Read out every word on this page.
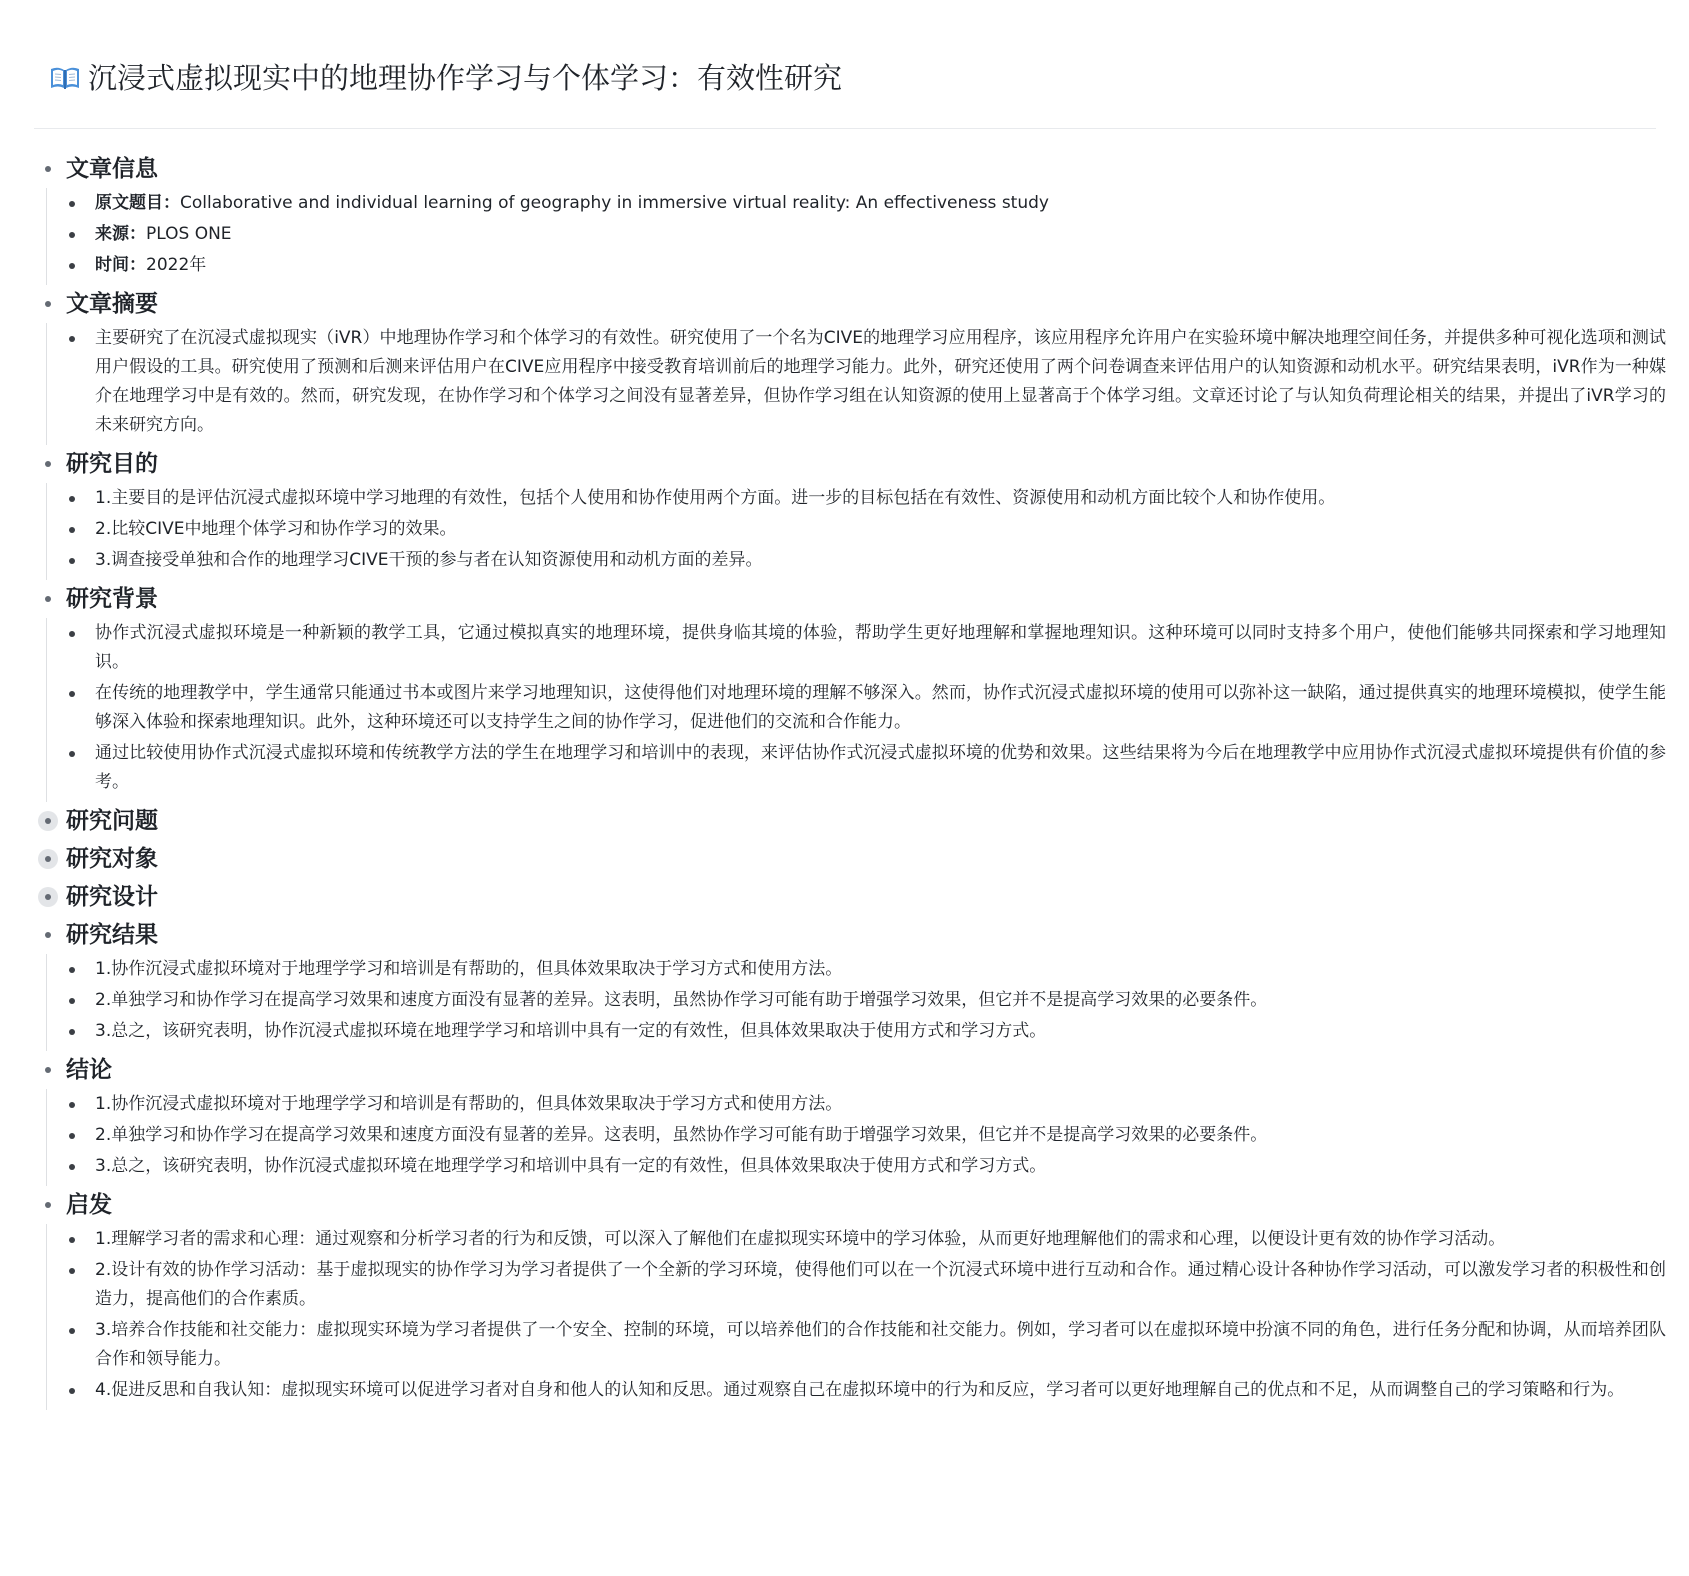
沉浸式虚拟现实中的地理协作学习与个体学习：有效性研究
文章信息
原文题目：Collaborative and individual learning of geography in immersive virtual reality: An effectiveness study
来源：PLOS ONE
时间：2022年
文章摘要
主要研究了在沉浸式虚拟现实（iVR）中地理协作学习和个体学习的有效性。研究使用了一个名为CIVE的地理学习应用程序，该应用程序允许用户在实验环境中解决地理空间任务，并提供多种可视化选项和测试用户假设的工具。研究使用了预测和后测来评估用户在CIVE应用程序中接受教育培训前后的地理学习能力。此外，研究还使用了两个问卷调查来评估用户的认知资源和动机水平。研究结果表明，iVR作为一种媒介在地理学习中是有效的。然而，研究发现，在协作学习和个体学习之间没有显著差异，但协作学习组在认知资源的使用上显著高于个体学习组。文章还讨论了与认知负荷理论相关的结果，并提出了iVR学习的未来研究方向。
研究目的
1.主要目的是评估沉浸式虚拟环境中学习地理的有效性，包括个人使用和协作使用两个方面。进一步的目标包括在有效性、资源使用和动机方面比较个人和协作使用。
2.比较CIVE中地理个体学习和协作学习的效果。
3.调查接受单独和合作的地理学习CIVE干预的参与者在认知资源使用和动机方面的差异。
研究背景
协作式沉浸式虚拟环境是一种新颖的教学工具，它通过模拟真实的地理环境，提供身临其境的体验，帮助学生更好地理解和掌握地理知识。这种环境可以同时支持多个用户，使他们能够共同探索和学习地理知识。
在传统的地理教学中，学生通常只能通过书本或图片来学习地理知识，这使得他们对地理环境的理解不够深入。然而，协作式沉浸式虚拟环境的使用可以弥补这一缺陷，通过提供真实的地理环境模拟，使学生能够深入体验和探索地理知识。此外，这种环境还可以支持学生之间的协作学习，促进他们的交流和合作能力。
通过比较使用协作式沉浸式虚拟环境和传统教学方法的学生在地理学习和培训中的表现，来评估协作式沉浸式虚拟环境的优势和效果。这些结果将为今后在地理教学中应用协作式沉浸式虚拟环境提供有价值的参考。
研究问题
研究对象
研究设计
研究结果
1.协作沉浸式虚拟环境对于地理学学习和培训是有帮助的，但具体效果取决于学习方式和使用方法。
2.单独学习和协作学习在提高学习效果和速度方面没有显著的差异。这表明，虽然协作学习可能有助于增强学习效果，但它并不是提高学习效果的必要条件。
3.总之，该研究表明，协作沉浸式虚拟环境在地理学学习和培训中具有一定的有效性，但具体效果取决于使用方式和学习方式。
结论
1.协作沉浸式虚拟环境对于地理学学习和培训是有帮助的，但具体效果取决于学习方式和使用方法。
2.单独学习和协作学习在提高学习效果和速度方面没有显著的差异。这表明，虽然协作学习可能有助于增强学习效果，但它并不是提高学习效果的必要条件。
3.总之，该研究表明，协作沉浸式虚拟环境在地理学学习和培训中具有一定的有效性，但具体效果取决于使用方式和学习方式。
启发
1.理解学习者的需求和心理：通过观察和分析学习者的行为和反馈，可以深入了解他们在虚拟现实环境中的学习体验，从而更好地理解他们的需求和心理，以便设计更有效的协作学习活动。
2.设计有效的协作学习活动：基于虚拟现实的协作学习为学习者提供了一个全新的学习环境，使得他们可以在一个沉浸式环境中进行互动和合作。通过精心设计各种协作学习活动，可以激发学习者的积极性和创造力，提高他们的合作素质。
3.培养合作技能和社交能力：虚拟现实环境为学习者提供了一个安全、控制的环境，可以培养他们的合作技能和社交能力。例如，学习者可以在虚拟环境中扮演不同的角色，进行任务分配和协调，从而培养团队合作和领导能力。
4.促进反思和自我认知：虚拟现实环境可以促进学习者对自身和他人的认知和反思。通过观察自己在虚拟环境中的行为和反应，学习者可以更好地理解自己的优点和不足，从而调整自己的学习策略和行为。
